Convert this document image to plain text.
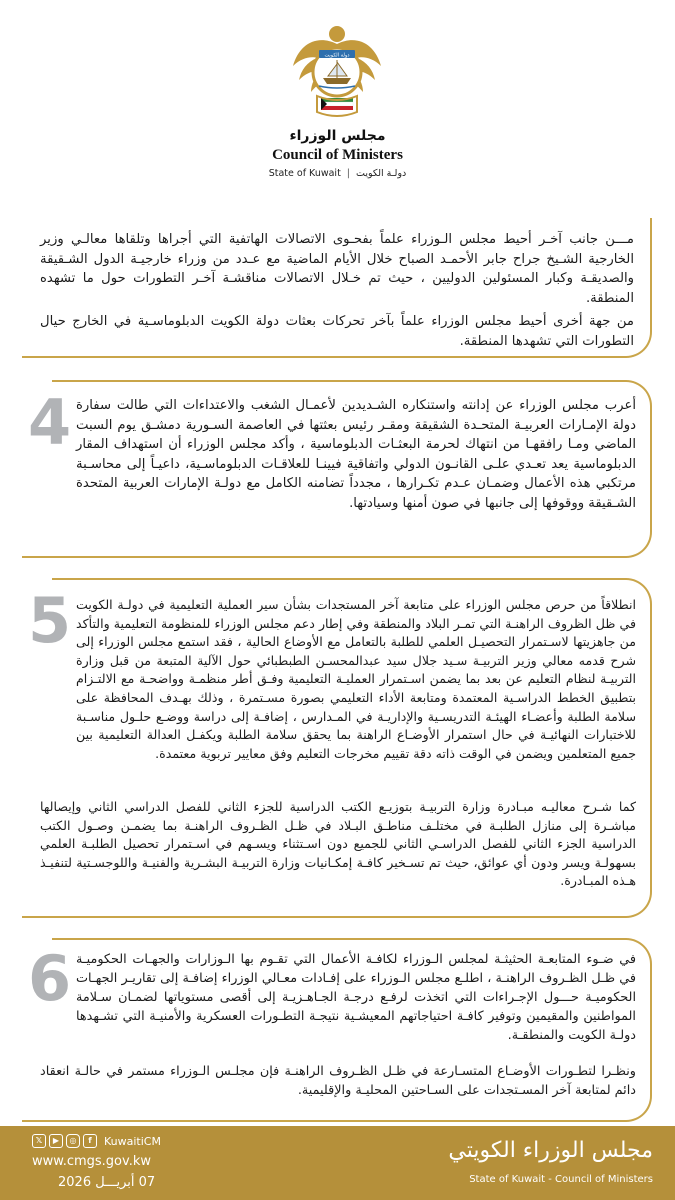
دولة الكويت
مجلس الوزراء
Council of Ministers
State of Kuwait | دولـة الكويت

مـــن جانب آخـر أحيط مجلس الـوزراء علماً بفحـوى الاتصالات الهاتفية التي أجراها وتلقاها معالـي وزير الخارجية الشـيخ جراح جابر الأحمـد الصباح خلال الأيام الماضية مع عـدد من وزراء خارجيـة الدول الشـقيقة والصديقـة وكبار المسئولين الدوليين ، حيث تم خـلال الاتصالات مناقشـة آخـر التطورات حول ما تشهده المنطقة.

من جهة أخرى أحيط مجلس الوزراء علماً بآخر تحركات بعثات دولة الكويت الدبلوماسـية في الخارج حيال التطورات التي تشهدها المنطقة.

4 أعرب مجلس الوزراء عن إدانته واستنكاره الشـديدين لأعمـال الشغب والاعتداءات التي طالت سفارة دولة الإمـارات العربيـة المتحـدة الشقيقة ومقـر رئيس بعثتها في العاصمة السـورية دمشـق يوم السبت الماضي ومـا رافقهـا من انتهاك لحرمة البعثـات الدبلوماسية ، وأكد مجلس الوزراء أن استهداف المقار الدبلوماسية يعد تعـدي علـى القانـون الدولي واتفاقية فيينـا للعلاقـات الدبلوماسـية، داعيـاً إلى محاسـبة مرتكبي هذه الأعمال وضمـان عـدم تكـرارها ، مجدداً تضامنه الكامل مع دولـة الإمارات العربية المتحدة الشـقيقة ووقوفها إلى جانبها في صون أمنها وسيادتها.

5 انطلاقاً من حرص مجلس الوزراء على متابعة آخر المستجدات بشأن سير العملية التعليمية في دولـة الكويت في ظل الظروف الراهنـة التي تمـر البلاد والمنطقة وفي إطار دعم مجلس الوزراء للمنظومة التعليمية والتأكد من جاهزيتها لاسـتمرار التحصيـل العلمي للطلبة بالتعامل مع الأوضاع الحالية ، فقد استمع مجلس الوزراء إلى شرح قدمه معالي وزير التربيـة سـيد جلال سيد عبدالمحسـن الطبطبائي حول الآلية المتبعة من قبل وزارة التربيـة لنظام التعليم عن بعد بما يضمن اسـتمرار العمليـة التعليمية وفـق أطر منظمـة وواضحـة مع الالتـزام بتطبيق الخطط الدراسـية المعتمدة ومتابعة الأداء التعليمي بصورة مسـتمرة ، وذلك بهـدف المحافظة على سلامة الطلبة وأعضـاء الهيئـة التدريسـية والإداريـة في المـدارس ، إضافـة إلى دراسة ووضـع حلـول مناسـبة للاختبارات النهائيـة في حال استمرار الأوضـاع الراهنة بما يحقق سلامة الطلبة ويكفـل العدالة التعليمية بين جميع المتعلمين ويضمن في الوقت ذاته دقة تقييم مخرجات التعليم وفق معايير تربوية معتمدة.

كما شـرح معاليـه مبـادرة وزارة التربيـة بتوزيـع الكتب الدراسية للجزء الثاني للفصل الدراسي الثاني وإيصالها مباشـرة إلى منازل الطلبـة في مختلـف مناطـق البـلاد في ظـل الظـروف الراهنـة بما يضمـن وصـول الكتب الدراسية الجزء الثاني للفصل الدراسـي الثاني للجميع دون اسـتثناء ويسـهم في اسـتمرار تحصيل الطلبـة العلمي بسهولـة ويسر ودون أي عوائق، حيث تم تسـخير كافـة إمكـانيات وزارة التربيـة البشـرية والفنيـة واللوجسـتية لتنفيـذ هـذه المبـادرة.

6 في ضـوء المتابعـة الحثيثـة لمجلس الـوزراء لكافـة الأعمال التي تقـوم بها الـوزارات والجهـات الحكوميـة في ظـل الظـروف الراهنـة ، اطلـع مجلس الـوزراء على إفـادات معـالي الوزراء إضافـة إلى تقاريـر الجهـات الحكوميـة حـــول الإجـراءات التي اتخذت لرفـع درجـة الجـاهـزيـة إلى أقصى مستوياتها لضمـان سـلامة المواطنين والمقيمين وتوفير كافـة احتياجاتهم المعيشـية نتيجـة التطـورات العسكرية والأمنيـة التي تشـهدها دولـة الكويت والمنطقـة.

ونظـرا لتطـورات الأوضـاع المتسـارعة في ظـل الظـروف الراهنـة فإن مجلـس الـوزراء مستمر في حالـة انعقاد دائم لمتابعة آخر المسـتجدات على السـاحتين المحليـة والإقليمية.

مجلس الوزراء الكويتي
State of Kuwait - Council of Ministers
𝕏	▶	◎	f	KuwaitiCM
www.cmgs.gov.kw
07 أبريـــل 2026
